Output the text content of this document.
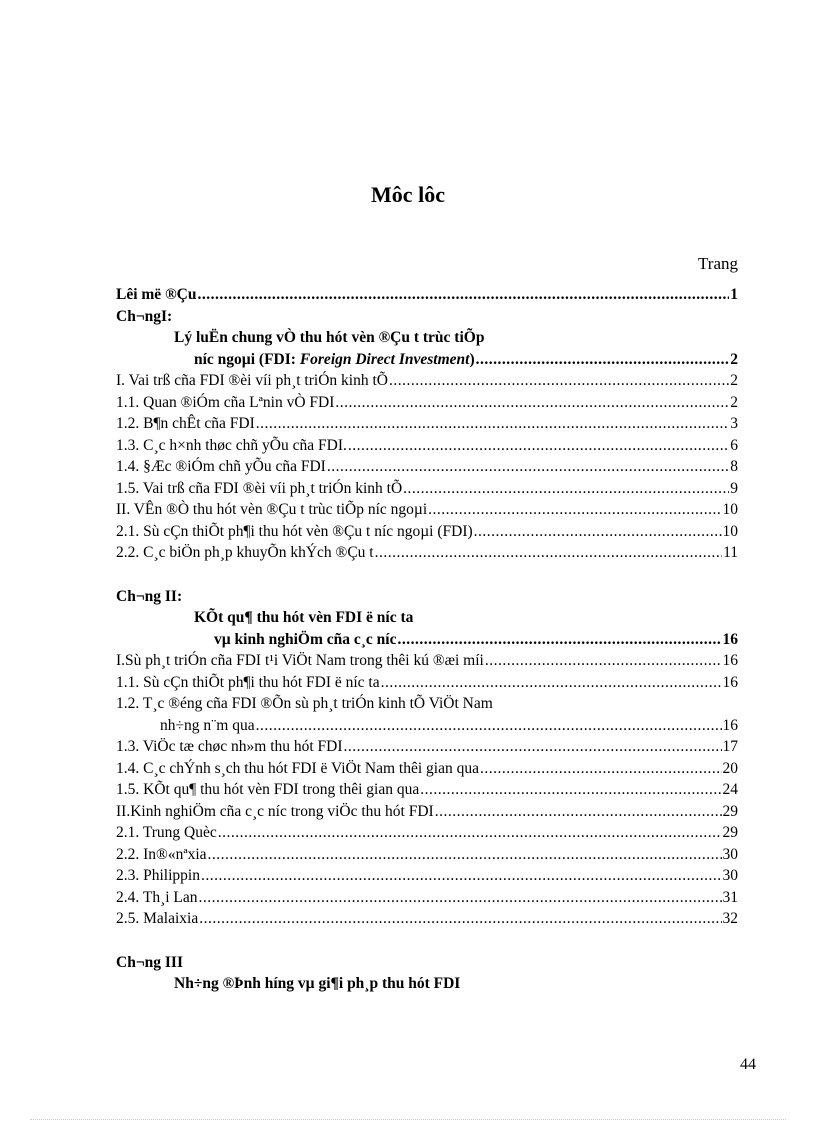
Môc lôc
Trang
Lêi më ®Çu .....	1
Ch¬ngI:
Lý luËn chung vÒ thu hót vèn ®Çu t trùc tiÕp
níc ngoµi (FDI: Foreign Direct Investment) .....	2
I. Vai trß cña FDI ®èi víi ph¸t triÓn kinh tÕ .....	2
1.1. Quan ®iÓm cña Lªnin vÒ FDI .....	2
1.2. B¶n chÊt cña FDI .....	3
1.3. C¸c h×nh thøc chñ yÕu cña FDI. .....	6
1.4. §Æc ®iÓm chñ yÕu cña FDI .....	8
1.5. Vai trß cña FDI ®èi víi ph¸t triÓn kinh tÕ .....	9
II. VÊn ®Ò thu hót vèn ®Çu t trùc tiÕp níc ngoµi .....	10
2.1. Sù cÇn thiÕt ph¶i thu hót vèn ®Çu t níc ngoµi (FDI) .....	10
2.2. C¸c biÖn ph¸p khuyÕn khÝch ®Çu t .....	11
Ch¬ng II:
KÕt qu¶ thu hót vèn FDI ë níc ta
vµ kinh nghiÖm cña c¸c níc .....	16
I.Sù ph¸t triÓn cña FDI t¹i ViÖt Nam trong thêi kú ®æi míi .....	16
1.1. Sù cÇn thiÕt ph¶i thu hót FDI ë níc ta .....	16
1.2. T¸c ®éng cña FDI ®Õn sù ph¸t triÓn kinh tÕ ViÖt Nam
nh÷ng n¨m qua .....	16
1.3. ViÖc tæ chøc nh»m thu hót FDI .....	17
1.4. C¸c chÝnh s¸ch thu hót FDI ë ViÖt Nam thêi gian qua .....	20
1.5. KÕt qu¶ thu hót vèn FDI trong thêi gian qua .....	24
II.Kinh nghiÖm cña c¸c níc trong viÖc thu hót FDI .....	29
2.1. Trung Quèc .....	29
2.2. In®«nªxia .....	30
2.3. Philippin .....	30
2.4. Th¸i Lan .....	31
2.5. Malaixia .....	32
Ch¬ng III
Nh÷ng ®Þnh híng vµ gi¶i ph¸p thu hót FDI
44
